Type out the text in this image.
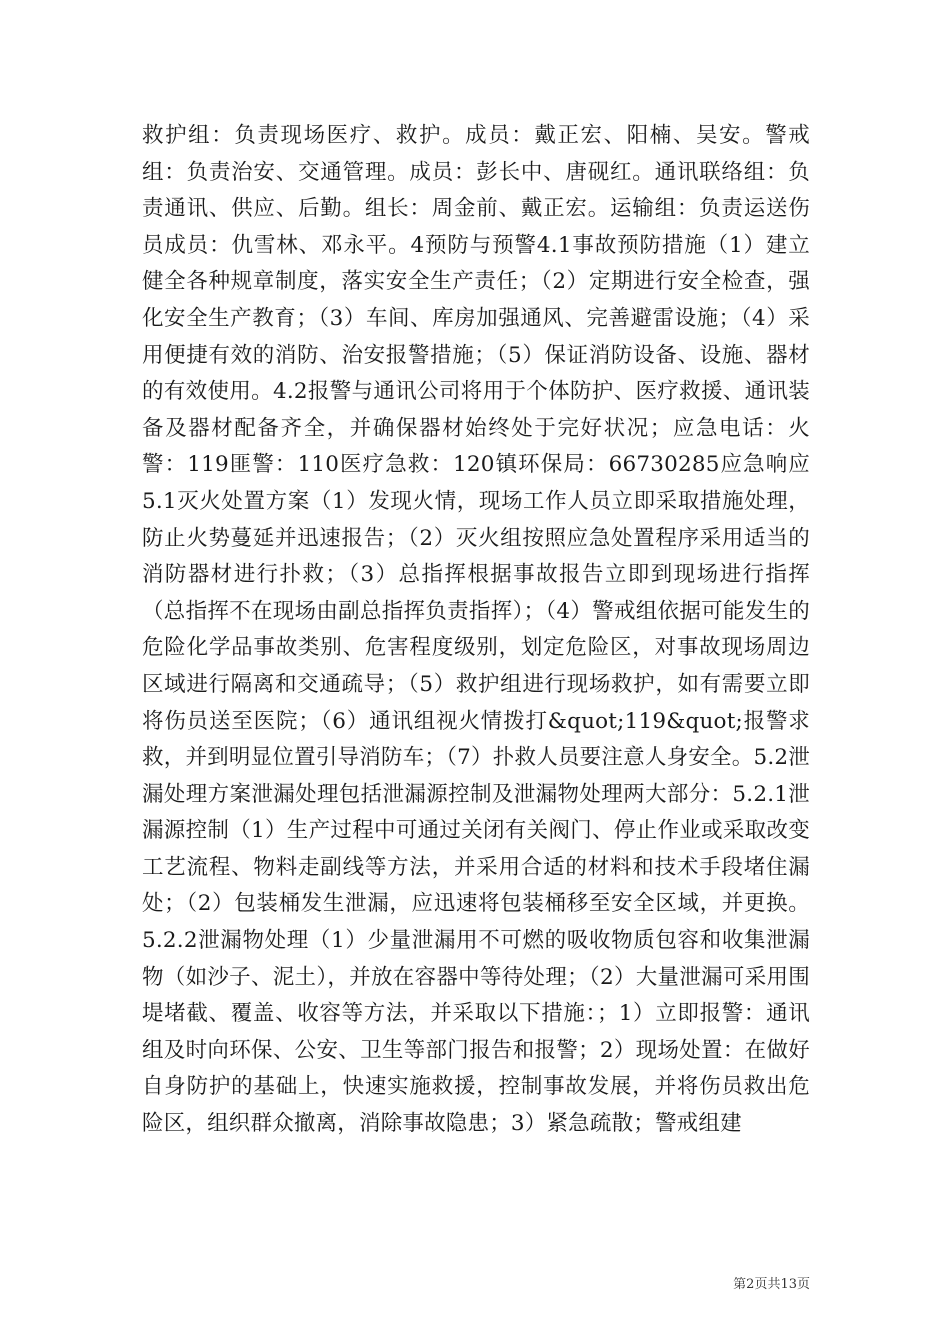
救护组：负责现场医疗、救护。成员：戴正宏、阳楠、吴安。警戒组：负责治安、交通管理。成员：彭长中、唐砚红。通讯联络组：负责通讯、供应、后勤。组长：周金前、戴正宏。运输组：负责运送伤员成员：仇雪林、邓永平。4预防与预警4.1事故预防措施（1）建立健全各种规章制度，落实安全生产责任；（2）定期进行安全检查，强化安全生产教育；（3）车间、库房加强通风、完善避雷设施；（4）采用便捷有效的消防、治安报警措施；（5）保证消防设备、设施、器材的有效使用。4.2报警与通讯公司将用于个体防护、医疗救援、通讯装备及器材配备齐全，并确保器材始终处于完好状况；应急电话：火警：119匪警：110医疗急救：120镇环保局：66730285应急响应5.1灭火处置方案（1）发现火情，现场工作人员立即采取措施处理，防止火势蔓延并迅速报告；（2）灭火组按照应急处置程序采用适当的消防器材进行扑救；（3）总指挥根据事故报告立即到现场进行指挥（总指挥不在现场由副总指挥负责指挥）；（4）警戒组依据可能发生的危险化学品事故类别、危害程度级别，划定危险区，对事故现场周边区域进行隔离和交通疏导；（5）救护组进行现场救护，如有需要立即将伤员送至医院；（6）通讯组视火情拨打&quot;119&quot;报警求救，并到明显位置引导消防车；（7）扑救人员要注意人身安全。5.2泄漏处理方案泄漏处理包括泄漏源控制及泄漏物处理两大部分：5.2.1泄漏源控制（1）生产过程中可通过关闭有关阀门、停止作业或采取改变工艺流程、物料走副线等方法，并采用合适的材料和技术手段堵住漏处；（2）包装桶发生泄漏，应迅速将包装桶移至安全区域，并更换。5.2.2泄漏物处理（1）少量泄漏用不可燃的吸收物质包容和收集泄漏物（如沙子、泥土），并放在容器中等待处理；（2）大量泄漏可采用围堤堵截、覆盖、收容等方法，并采取以下措施：；1）立即报警：通讯组及时向环保、公安、卫生等部门报告和报警；2）现场处置：在做好自身防护的基础上，快速实施救援，控制事故发展，并将伤员救出危险区，组织群众撤离，消除事故隐患；3）紧急疏散；警戒组建

第2页共13页
